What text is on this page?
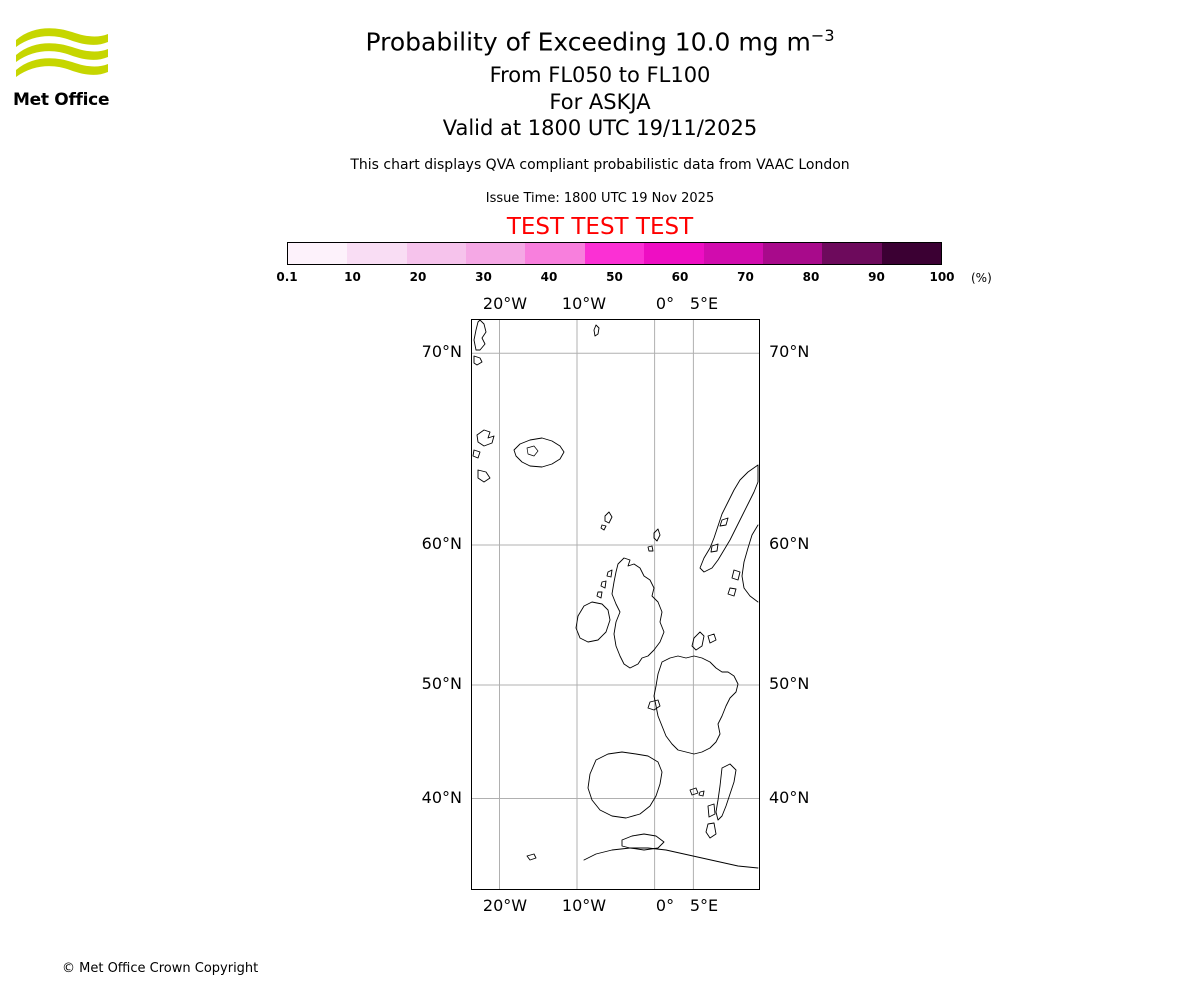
Met Office
Probability of Exceeding 10.0 mg $m^{-3}$
From FL050 to FL100
For ASKJA
Valid at 1800 UTC 19/11/2025
This chart displays QVA compliant probabilistic data from VAAC London
Issue Time: 1800 UTC 19 Nov 2025
TEST TEST TEST
(%)
© Met Office Crown Copyright
0.1	10	20	30	40	50	60	70	80	90	100
20°W
20°W
10°W
10°W
0°
0°
5°E
5°E
70°N	70°N
60°N	60°N
50°N	50°N
40°N	40°N
